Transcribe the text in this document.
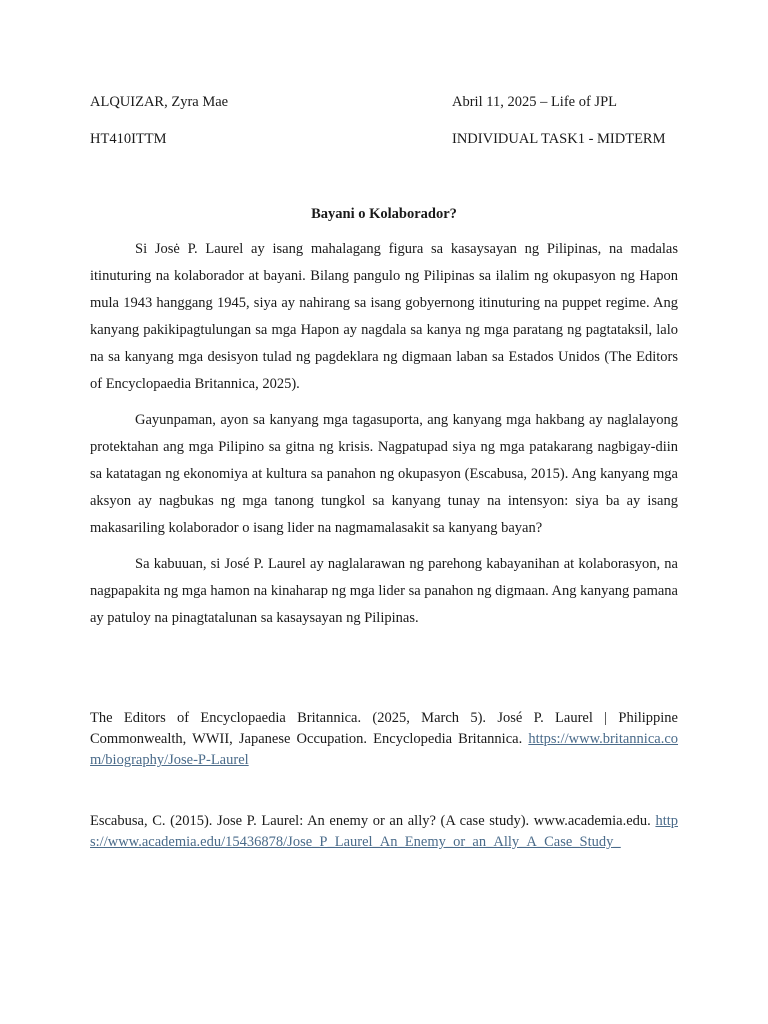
ALQUIZAR, Zyra Mae	Abril 11, 2025 – Life of JPL
HT410ITTM	INDIVIDUAL TASK1 - MIDTERM
Bayani o Kolaborador?

Si Josė P. Laurel ay isang mahalagang figura sa kasaysayan ng Pilipinas, na madalas itinuturing na kolaborador at bayani. Bilang pangulo ng Pilipinas sa ilalim ng okupasyon ng Hapon mula 1943 hanggang 1945, siya ay nahirang sa isang gobyernong itinuturing na puppet regime. Ang kanyang pakikipagtulungan sa mga Hapon ay nagdala sa kanya ng mga paratang ng pagtataksil, lalo na sa kanyang mga desisyon tulad ng pagdeklara ng digmaan laban sa Estados Unidos (The Editors of Encyclopaedia Britannica, 2025).

Gayunpaman, ayon sa kanyang mga tagasuporta, ang kanyang mga hakbang ay naglalayong protektahan ang mga Pilipino sa gitna ng krisis. Nagpatupad siya ng mga patakarang nagbigay-diin sa katatagan ng ekonomiya at kultura sa panahon ng okupasyon (Escabusa, 2015). Ang kanyang mga aksyon ay nagbukas ng mga tanong tungkol sa kanyang tunay na intensyon: siya ba ay isang makasariling kolaborador o isang lider na nagmamalasakit sa kanyang bayan?

Sa kabuuan, si José P. Laurel ay naglalarawan ng parehong kabayanihan at kolaborasyon, na nagpapakita ng mga hamon na kinaharap ng mga lider sa panahon ng digmaan. Ang kanyang pamana ay patuloy na pinagtatalunan sa kasaysayan ng Pilipinas.

The Editors of Encyclopaedia Britannica. (2025, March 5). José P. Laurel | Philippine Commonwealth, WWII, Japanese Occupation. Encyclopedia Britannica. https://www.britannica.com/biography/Jose-P-Laurel
Escabusa, C. (2015). Jose P. Laurel: An enemy or an ally? (A case study). www.academia.edu. https://www.academia.edu/15436878/Jose_P_Laurel_An_Enemy_or_an_Ally_A_Case_Study_
